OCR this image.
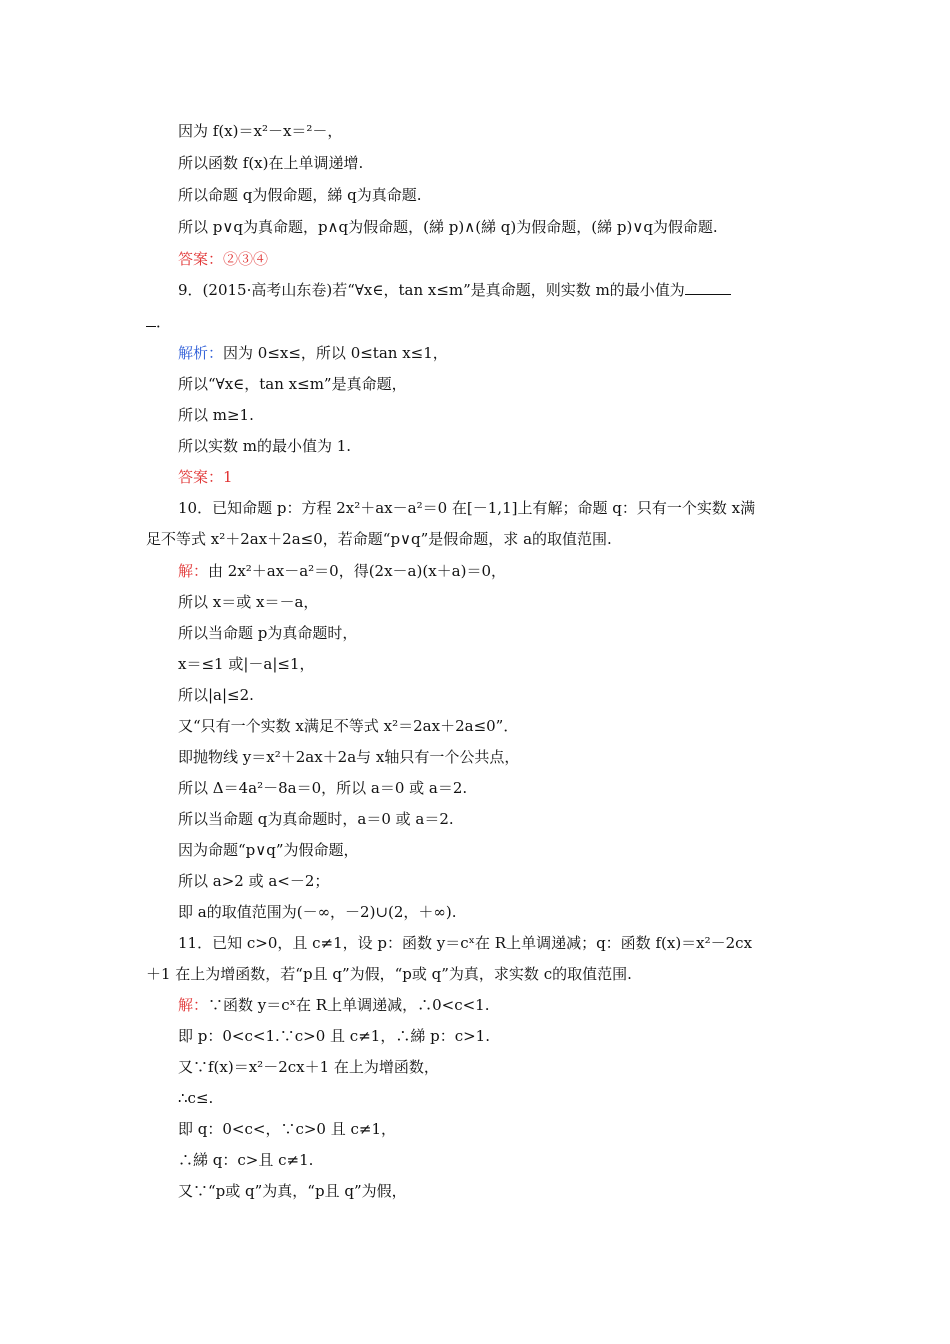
因为 f(x)＝x²－x＝²－，
所以函数 f(x)在上单调递增.
所以命题 q为假命题，綈 q为真命题.
所以 p∨q为真命题，p∧q为假命题，(綈 p)∧(綈 q)为假命题，(綈 p)∨q为假命题.
答案：②③④
9．(2015·高考山东卷)若“∀x∈，tan x≤m”是真命题，则实数 m的最小值为
．
解析：因为 0≤x≤，所以 0≤tan x≤1，
所以“∀x∈，tan x≤m”是真命题，
所以 m≥1.
所以实数 m的最小值为 1.
答案：1
10．已知命题 p：方程 2x²＋ax－a²＝0 在[－1,1]上有解；命题 q：只有一个实数 x满
足不等式 x²＋2ax＋2a≤0，若命题“p∨q”是假命题，求 a的取值范围.
解：由 2x²＋ax－a²＝0，得(2x－a)(x＋a)＝0，
所以 x＝或 x＝－a，
所以当命题 p为真命题时，
x＝≤1 或|－a|≤1，
所以|a|≤2.
又“只有一个实数 x满足不等式 x²＝2ax＋2a≤0”．
即抛物线 y＝x²＋2ax＋2a与 x轴只有一个公共点，
所以 Δ＝4a²－8a＝0，所以 a＝0 或 a＝2.
所以当命题 q为真命题时，a＝0 或 a＝2.
因为命题“p∨q”为假命题，
所以 a>2 或 a<－2；
即 a的取值范围为(－∞，－2)∪(2，＋∞).
11．已知 c>0，且 c≠1，设 p：函数 y＝cˣ在 R上单调递减；q：函数 f(x)＝x²－2cx
＋1 在上为增函数，若“p且 q”为假，“p或 q”为真，求实数 c的取值范围.
解：∵函数 y＝cˣ在 R上单调递减，∴0<c<1.
即 p：0<c<1.∵c>0 且 c≠1，∴綈 p：c>1.
又∵f(x)＝x²－2cx＋1 在上为增函数，
∴c≤.
即 q：0<c<，∵c>0 且 c≠1，
∴綈 q：c>且 c≠1.
又∵“p或 q”为真，“p且 q”为假，
